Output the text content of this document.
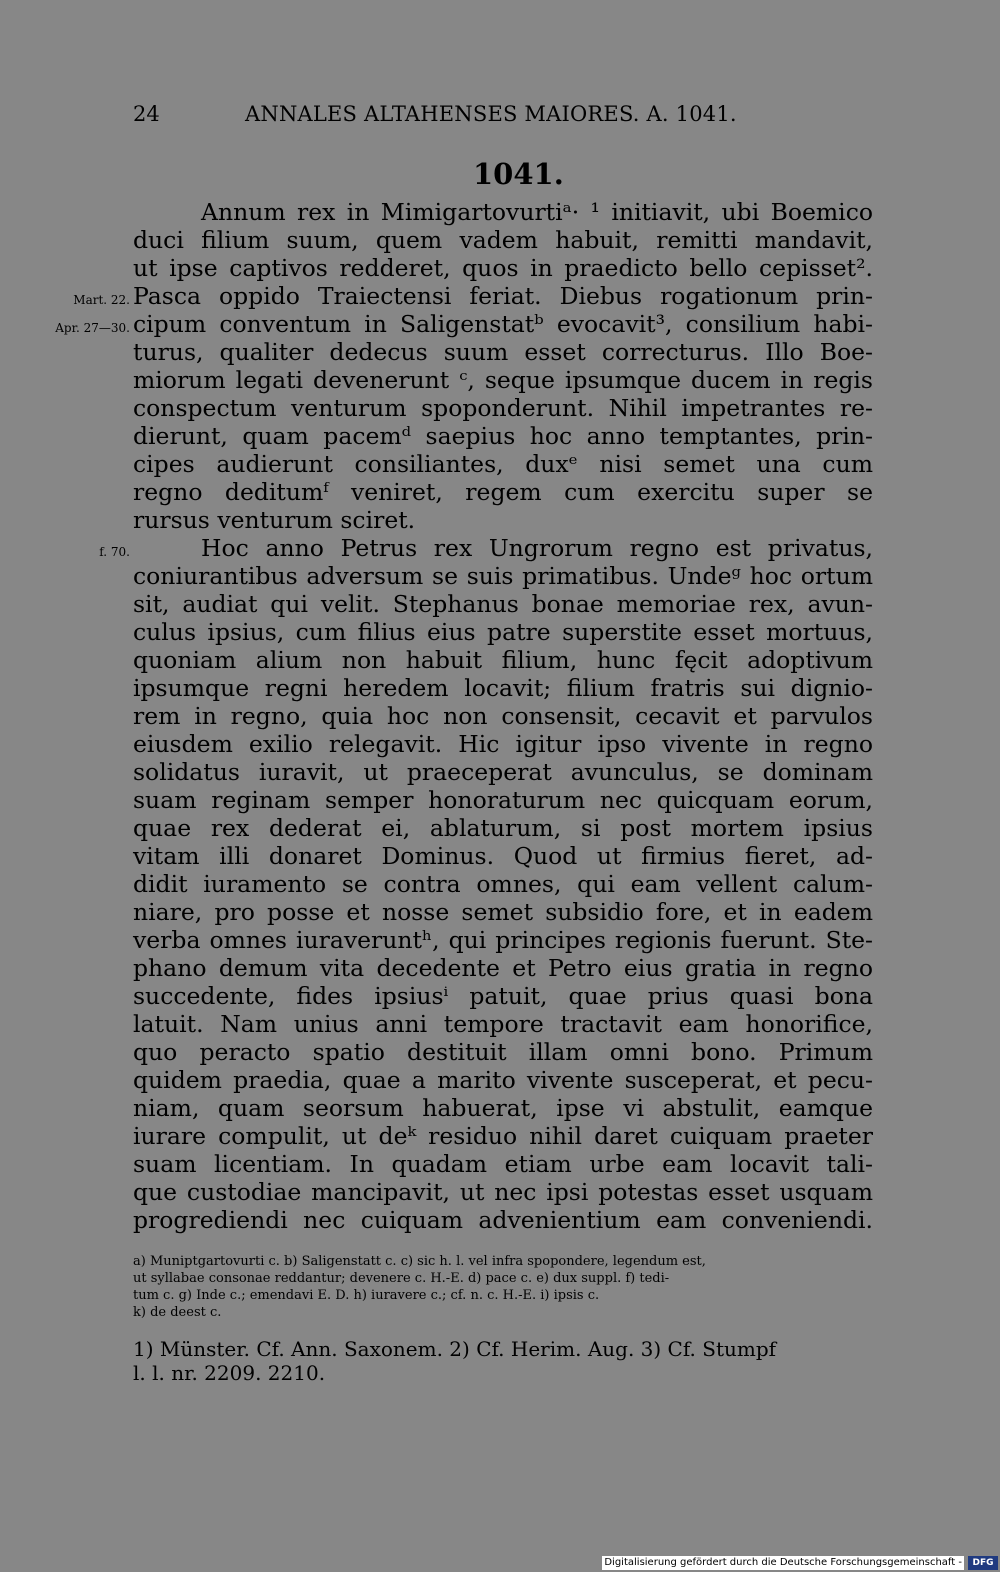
24	ANNALES ALTAHENSES MAIORES. A. 1041.
1041.
Mart. 22.
Apr. 27—30.
f. 70.
Annum rex in Mimigartovurtiᵃ· ¹ initiavit, ubi Boemico
duci filium suum, quem vadem habuit, remitti mandavit,
ut ipse captivos redderet, quos in praedicto bello cepisset².
Pasca oppido Traiectensi feriat. Diebus rogationum prin-
cipum conventum in Saligenstatᵇ evocavit³, consilium habi-
turus, qualiter dedecus suum esset correcturus. Illo Boe-
miorum legati devenerunt ᶜ, seque ipsumque ducem in regis
conspectum venturum spoponderunt. Nihil impetrantes re-
dierunt, quam pacemᵈ saepius hoc anno temptantes, prin-
cipes audierunt consiliantes, duxᵉ nisi semet una cum
regno deditumᶠ veniret, regem cum exercitu super se
rursus venturum sciret.
Hoc anno Petrus rex Ungrorum regno est privatus,
coniurantibus adversum se suis primatibus. Undeᵍ hoc ortum
sit, audiat qui velit. Stephanus bonae memoriae rex, avun-
culus ipsius, cum filius eius patre superstite esset mortuus,
quoniam alium non habuit filium, hunc fęcit adoptivum
ipsumque regni heredem locavit; filium fratris sui dignio-
rem in regno, quia hoc non consensit, cecavit et parvulos
eiusdem exilio relegavit. Hic igitur ipso vivente in regno
solidatus iuravit, ut praeceperat avunculus, se dominam
suam reginam semper honoraturum nec quicquam eorum,
quae rex dederat ei, ablaturum, si post mortem ipsius
vitam illi donaret Dominus. Quod ut firmius fieret, ad-
didit iuramento se contra omnes, qui eam vellent calum-
niare, pro posse et nosse semet subsidio fore, et in eadem
verba omnes iuraveruntʰ, qui principes regionis fuerunt. Ste-
phano demum vita decedente et Petro eius gratia in regno
succedente, fides ipsiusⁱ patuit, quae prius quasi bona
latuit. Nam unius anni tempore tractavit eam honorifice,
quo peracto spatio destituit illam omni bono. Primum
quidem praedia, quae a marito vivente susceperat, et pecu-
niam, quam seorsum habuerat, ipse vi abstulit, eamque
iurare compulit, ut deᵏ residuo nihil daret cuiquam praeter
suam licentiam. In quadam etiam urbe eam locavit tali-
que custodiae mancipavit, ut nec ipsi potestas esset usquam
progrediendi nec cuiquam advenientium eam conveniendi.
a) Muniptgartovurti c. b) Saligenstatt c. c) sic h. l. vel infra spopondere, legendum est,
ut syllabae consonae reddantur; devenere c. H.-E. d) pace c. e) dux suppl. f) tedi-
tum c. g) Inde c.; emendavi E. D. h) iuravere c.; cf. n. c. H.-E. i) ipsis c.
k) de deest c.
1) Münster. Cf. Ann. Saxonem. 2) Cf. Herim. Aug. 3) Cf. Stumpf
l. l. nr. 2209. 2210.
Digitalisierung gefördert durch die Deutsche Forschungsgemeinschaft -	DFG
